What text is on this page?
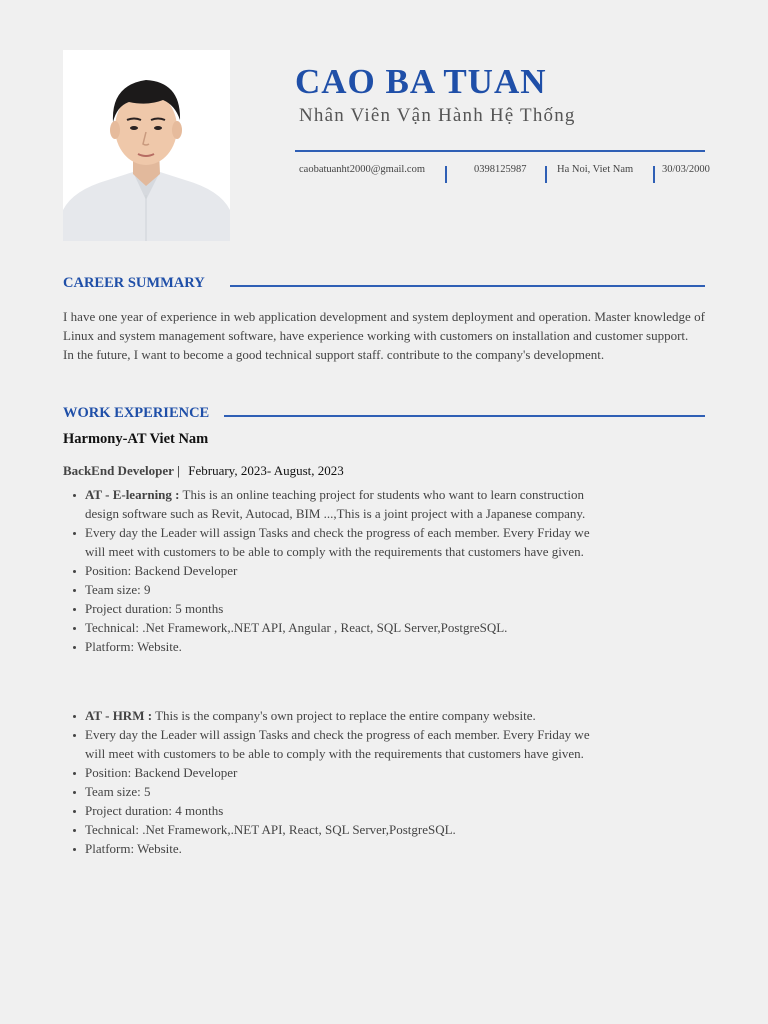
CAO BA TUAN
Nhân Viên Vận Hành Hệ Thống
caobatuanht2000@gmail.com	0398125987	Ha Noi, Viet Nam	30/03/2000
CAREER SUMMARY

I have one year of experience in web application development and system deployment and operation. Master knowledge of Linux and system management software, have experience working with customers on installation and customer support.

In the future, I want to become a good technical support staff. contribute to the company's development.

WORK EXPERIENCE
Harmony-AT Viet Nam
BackEnd Developer | February, 2023- August, 2023
AT - E-learning : This is an online teaching project for students who want to learn construction design software such as Revit, Autocad, BIM ...,This is a joint project with a Japanese company.
Every day the Leader will assign Tasks and check the progress of each member. Every Friday we will meet with customers to be able to comply with the requirements that customers have given.
Position: Backend Developer
Team size: 9
Project duration: 5 months
Technical: .Net Framework,.NET API, Angular , React, SQL Server,PostgreSQL.
Platform: Website.
AT - HRM : This is the company's own project to replace the entire company website.
Every day the Leader will assign Tasks and check the progress of each member. Every Friday we will meet with customers to be able to comply with the requirements that customers have given.
Position: Backend Developer
Team size: 5
Project duration: 4 months
Technical: .Net Framework,.NET API, React, SQL Server,PostgreSQL.
Platform: Website.
